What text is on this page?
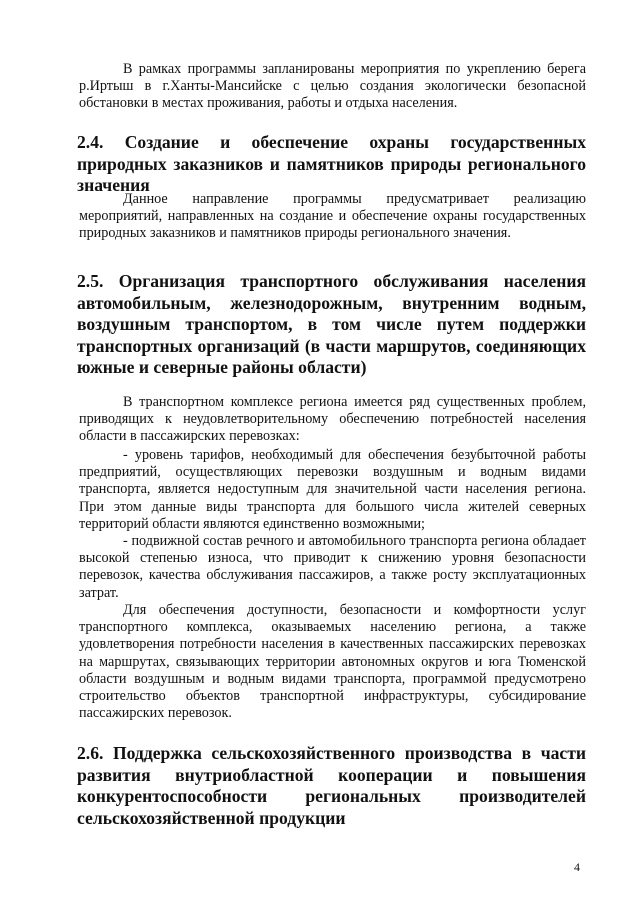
В рамках программы запланированы мероприятия по укреплению берега р.Иртыш в г.Ханты-Мансийске с целью создания экологически безопасной обстановки в местах проживания, работы и отдыха населения.
2.4. Создание и обеспечение охраны государственных природных заказников и памятников природы регионального значения
Данное направление программы предусматривает реализацию мероприятий, направленных на создание и обеспечение охраны государственных природных заказников и памятников природы регионального значения.
2.5. Организация транспортного обслуживания населения автомобильным, железнодорожным, внутренним водным, воздушным транспортом, в том числе путем поддержки транспортных организаций (в части маршрутов, соединяющих южные и северные районы области)
В транспортном комплексе региона имеется ряд существенных проблем, приводящих к неудовлетворительному обеспечению потребностей населения области в пассажирских перевозках:
- уровень тарифов, необходимый для обеспечения безубыточной работы предприятий, осуществляющих перевозки воздушным и водным видами транспорта, является недоступным для значительной части населения региона. При этом данные виды транспорта для большого числа жителей северных территорий области являются единственно возможными;
- подвижной состав речного и автомобильного транспорта региона обладает высокой степенью износа, что приводит к снижению уровня безопасности перевозок, качества обслуживания пассажиров, а также росту эксплуатационных затрат.
Для обеспечения доступности, безопасности и комфортности услуг транспортного комплекса, оказываемых населению региона, а также удовлетворения потребности населения в качественных пассажирских перевозках на маршрутах, связывающих территории автономных округов и юга Тюменской области воздушным и водным видами транспорта, программой предусмотрено строительство объектов транспортной инфраструктуры, субсидирование пассажирских перевозок.
2.6. Поддержка сельскохозяйственного производства в части развития внутриобластной кооперации и повышения конкурентоспособности региональных производителей сельскохозяйственной продукции
4
